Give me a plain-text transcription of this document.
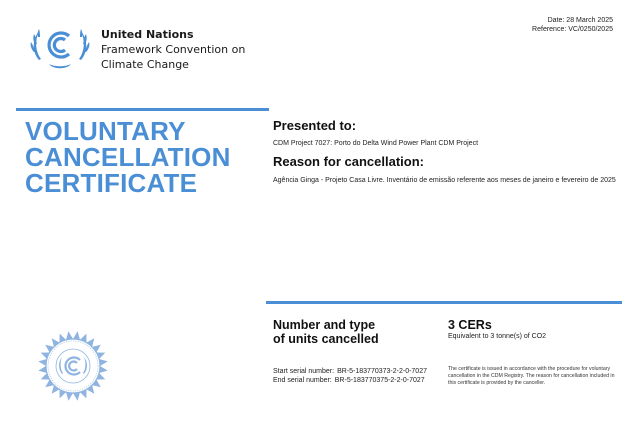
United Nations
Framework Convention on
Climate Change
Date: 28 March 2025
Reference: VC/0250/2025
VOLUNTARY
CANCELLATION
CERTIFICATE
Presented to:
CDM Project 7027: Porto do Delta Wind Power Plant CDM Project
Reason for cancellation:
Agência Ginga - Projeto Casa Livre. Inventário de emissão referente aos meses de janeiro e fevereiro de 2025
Number and type
of units cancelled
3 CERs
Equivalent to 3 tonne(s) of CO2
Start serial number: BR-5-183770373-2-2-0-7027
End serial number: BR-5-183770375-2-2-0-7027
The certificate is issued in accordance with the procedure for voluntary cancellation in the CDM Registry. The reason for cancellation included in this certificate is provided by the canceller.
